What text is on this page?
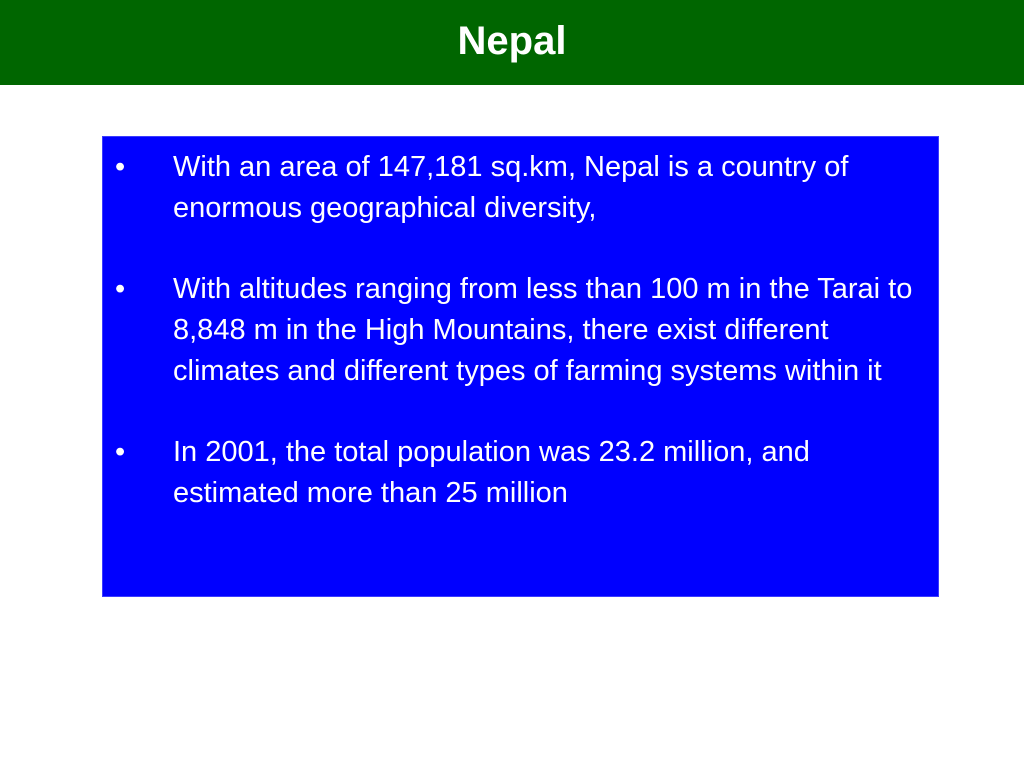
Nepal
•	With an area of 147,181 sq.km, Nepal is a country of enormous geographical diversity,
•	With altitudes ranging from less than 100 m in the Tarai to 8,848 m in the High Mountains, there exist different climates and different types of farming systems within it
•	In 2001, the total population was 23.2 million, and estimated more than 25 million
